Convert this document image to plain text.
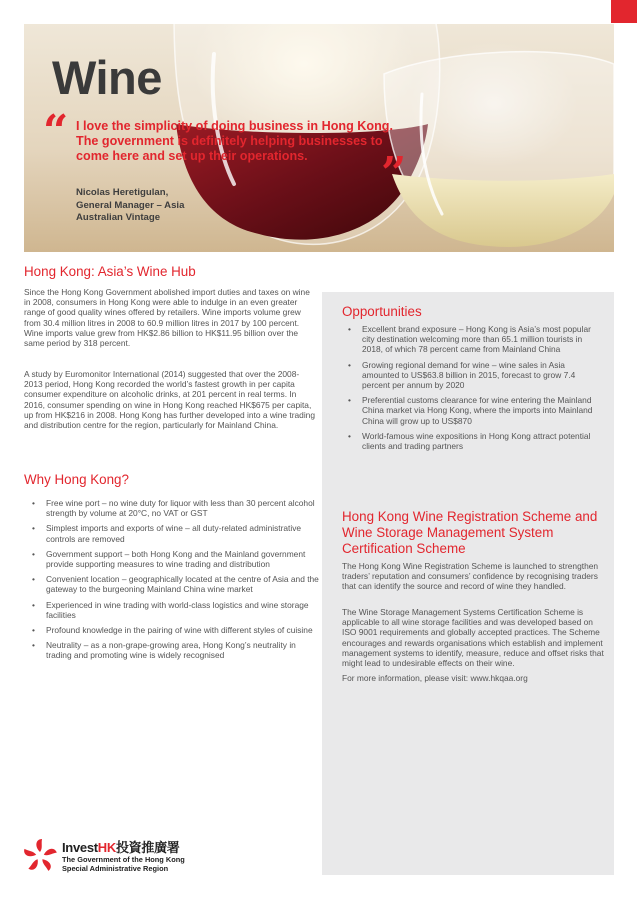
Wine
“ I love the simplicity of doing business in Hong Kong. The government is definitely helping businesses to come here and set up their operations.	”
Nicolas Heretigulan,
General Manager – Asia
Australian Vintage
Hong Kong: Asia’s Wine Hub

Since the Hong Kong Government abolished import duties and taxes on wine in 2008, consumers in Hong Kong were able to indulge in an even greater range of good quality wines offered by retailers. Wine imports volume grew from 30.4 million litres in 2008 to 60.9 million litres in 2017 by 100 percent. Wine imports value grew from HK$2.86 billion to HK$11.95 billion over the same period by 318 percent.

A study by Euromonitor International (2014) suggested that over the 2008-2013 period, Hong Kong recorded the world’s fastest growth in per capita consumer expenditure on alcoholic drinks, at 201 percent in real terms. In 2016, consumer spending on wine in Hong Kong reached HK$675 per capita, up from HK$216 in 2008. Hong Kong has further developed into a wine trading and distribution centre for the region, particularly for Mainland China.

Why Hong Kong?
• Free wine port – no wine duty for liquor with less than 30 percent alcohol strength by volume at 20°C, no VAT or GST
• Simplest imports and exports of wine – all duty-related administrative controls are removed
• Government support – both Hong Kong and the Mainland government provide supporting measures to wine trading and distribution
• Convenient location – geographically located at the centre of Asia and the gateway to the burgeoning Mainland China wine market
• Experienced in wine trading with world-class logistics and wine storage facilities
• Profound knowledge in the pairing of wine with different styles of cuisine
• Neutrality – as a non-grape-growing area, Hong Kong’s neutrality in trading and promoting wine is widely recognised
Opportunities
•	Excellent brand exposure – Hong Kong is Asia’s most popular city destination welcoming more than 65.1 million tourists in 2018, of which 78 percent came from Mainland China
•	Growing regional demand for wine – wine sales in Asia amounted to US$63.8 billion in 2015, forecast to grow 7.4 percent per annum by 2020
•	Preferential customs clearance for wine entering the Mainland China market via Hong Kong, where the imports into Mainland China will grow up to US$870
•	World-famous wine expositions in Hong Kong attract potential clients and trading partners
Hong Kong Wine Registration Scheme and Wine Storage Management System Certification Scheme

The Hong Kong Wine Registration Scheme is launched to strengthen traders’ reputation and consumers’ confidence by recognising traders that can identify the source and record of wine they handled.

The Wine Storage Management Systems Certification Scheme is applicable to all wine storage facilities and was developed based on ISO 9001 requirements and globally accepted practices. The Scheme encourages and rewards organisations which establish and implement management systems to identify, measure, reduce and offset risks that might lead to undesirable effects on their wine.

For more information, please visit: www.hkqaa.org

InvestHK投資推廣署
The Government of the Hong Kong
Special Administrative Region
